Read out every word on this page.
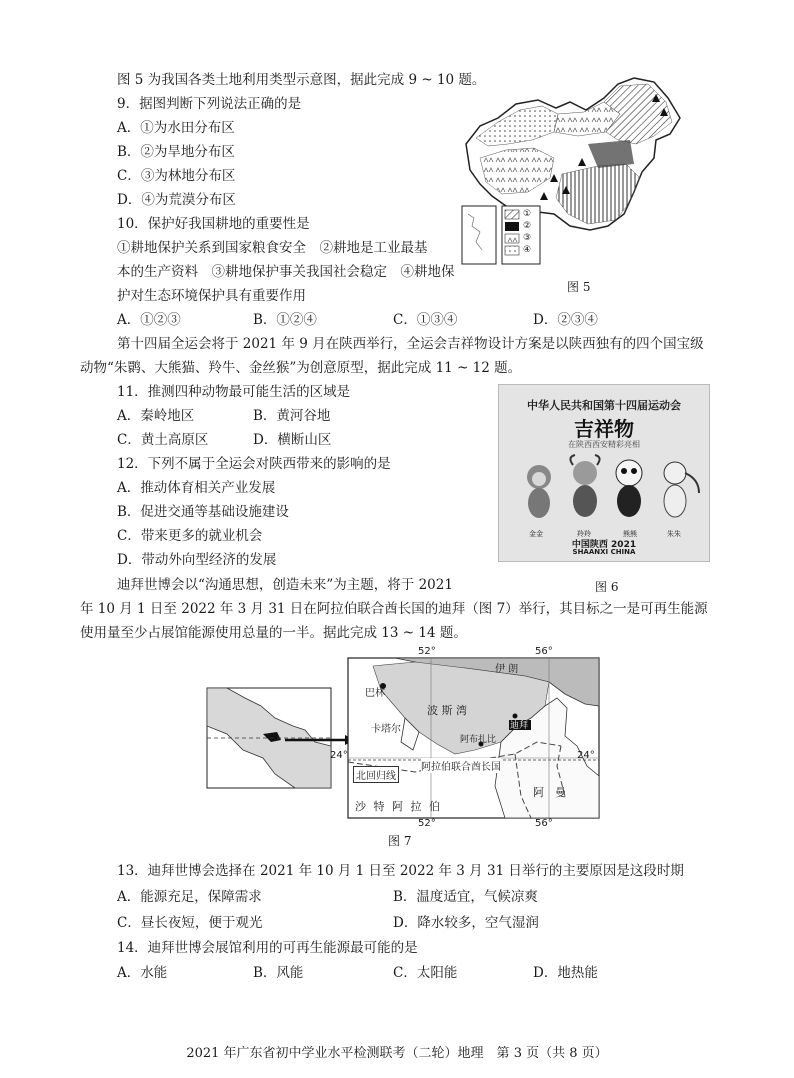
图 5 为我国各类土地利用类型示意图，据此完成 9 ~ 10 题。
9．据图判断下列说法正确的是
A．①为水田分布区
B．②为旱地分布区
C．③为林地分布区
D．④为荒漠分布区
10．保护好我国耕地的重要性是
①耕地保护关系到国家粮食安全　②耕地是工业最基
本的生产资料　③耕地保护事关我国社会稳定　④耕地保
护对生态环境保护具有重要作用
A．①②③	B．①②④	C．①③④	D．②③④
①
②
③
④
图 5
第十四届全运会将于 2021 年 9 月在陕西举行，全运会吉祥物设计方案是以陕西独有的四个国宝级
动物“朱鹮、大熊猫、羚牛、金丝猴”为创意原型，据此完成 11 ~ 12 题。
11．推测四种动物最可能生活的区域是
A．秦岭地区	B．黄河谷地
C．黄土高原区	D．横断山区
12．下列不属于全运会对陕西带来的影响的是
A．推动体育相关产业发展
B．促进交通等基础设施建设
C．带来更多的就业机会
D．带动外向型经济的发展
中华人民共和国第十四届运动会
吉祥物
在陕西西安精彩亮相
金金	羚羚	熊熊	朱朱
中国陕西 2021
SHAANXI CHINA
图 6
迪拜世博会以“沟通思想，创造未来”为主题，将于 2021
年 10 月 1 日至 2022 年 3 月 31 日在阿拉伯联合酋长国的迪拜（图 7）举行，其目标之一是可再生能源
使用量至少占展馆能源使用总量的一半。据此完成 13 ~ 14 题。
52°	56°
52°	56°
24°	24°
伊 朗
巴林
波 斯 湾
卡塔尔	迪拜
阿布扎比
阿拉伯联合酋长国
阿　曼
北回归线
沙 特 阿 拉 伯
图 7
13．迪拜世博会选择在 2021 年 10 月 1 日至 2022 年 3 月 31 日举行的主要原因是这段时期
A．能源充足，保障需求	B．温度适宜，气候凉爽
C．昼长夜短，便于观光	D．降水较多，空气湿润
14．迪拜世博会展馆利用的可再生能源最可能的是
A．水能	B．风能	C．太阳能	D．地热能
2021 年广东省初中学业水平检测联考（二轮）地理　第 3 页（共 8 页）
